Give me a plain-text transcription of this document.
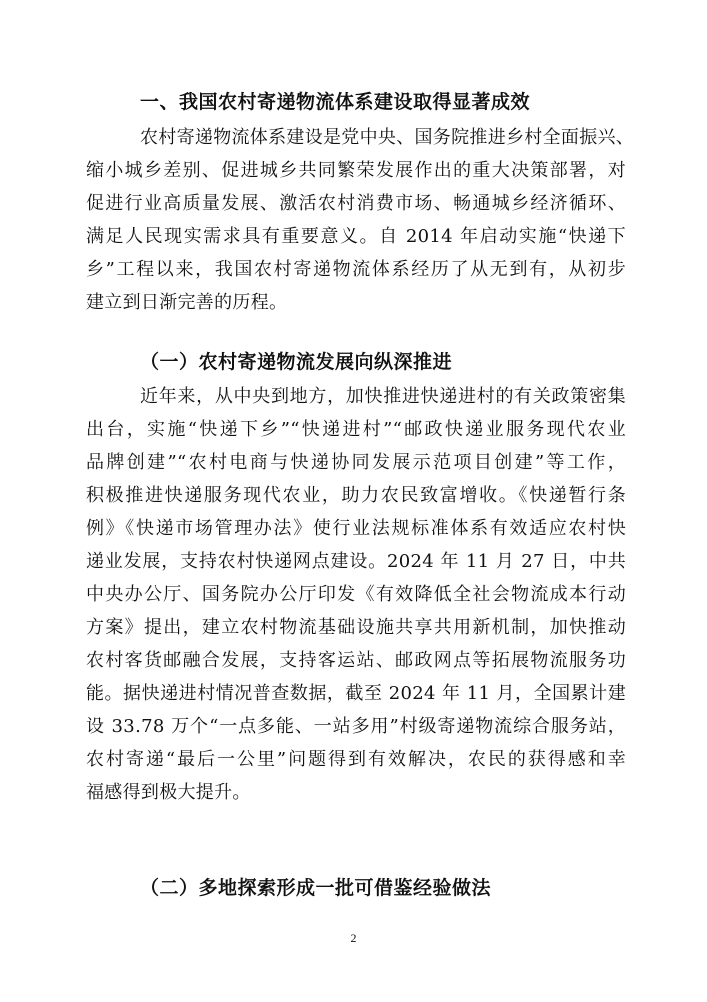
一、我国农村寄递物流体系建设取得显著成效
农村寄递物流体系建设是党中央、国务院推进乡村全面振兴、
缩小城乡差别、促进城乡共同繁荣发展作出的重大决策部署，对
促进行业高质量发展、激活农村消费市场、畅通城乡经济循环、
满足人民现实需求具有重要意义。自 2014 年启动实施“快递下
乡”工程以来，我国农村寄递物流体系经历了从无到有，从初步
建立到日渐完善的历程。
（一）农村寄递物流发展向纵深推进
近年来，从中央到地方，加快推进快递进村的有关政策密集
出台，实施“快递下乡”“快递进村”“邮政快递业服务现代农业
品牌创建”“农村电商与快递协同发展示范项目创建”等工作，
积极推进快递服务现代农业，助力农民致富增收。《快递暂行条
例》《快递市场管理办法》使行业法规标准体系有效适应农村快
递业发展，支持农村快递网点建设。2024 年 11 月 27 日，中共
中央办公厅、国务院办公厅印发《有效降低全社会物流成本行动
方案》提出，建立农村物流基础设施共享共用新机制，加快推动
农村客货邮融合发展，支持客运站、邮政网点等拓展物流服务功
能。据快递进村情况普查数据，截至 2024 年 11 月，全国累计建
设 33.78 万个“一点多能、一站多用”村级寄递物流综合服务站，
农村寄递“最后一公里”问题得到有效解决，农民的获得感和幸
福感得到极大提升。
（二）多地探索形成一批可借鉴经验做法
2
